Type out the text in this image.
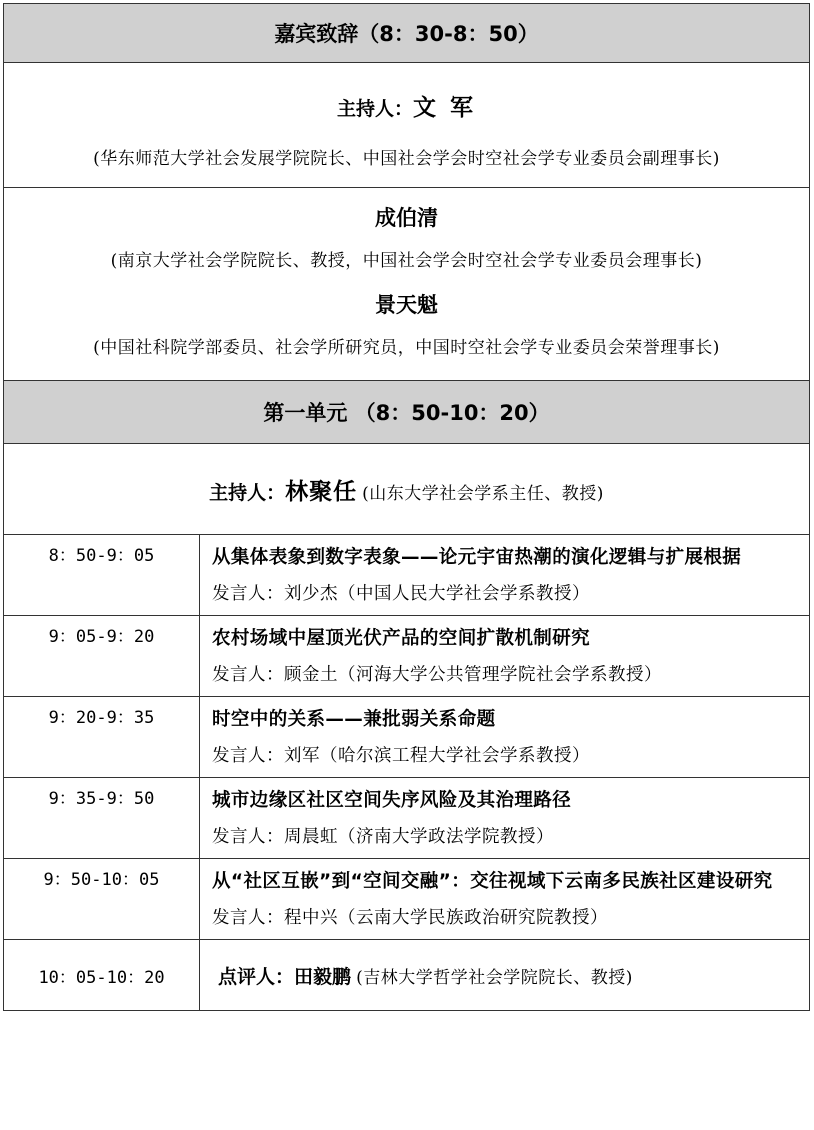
嘉宾致辞（8：30-8：50）	

主持人：文 军
(华东师范大学社会发展学院院长、中国社会学会时空社会学专业委员会副理事长)	

成伯清
(南京大学社会学院院长、教授，中国社会学会时空社会学专业委员会理事长)
景天魁
(中国社科院学部委员、社会学所研究员，中国时空社会学专业委员会荣誉理事长)	

第一单元 （8：50-10：20）	
主持人：林聚任 (山东大学社会学系主任、教授)	
8：50-9：05	从集体表象到数字表象——论元宇宙热潮的演化逻辑与扩展根据
发言人：刘少杰（中国人民大学社会学系教授）

9：05-9：20	农村场域中屋顶光伏产品的空间扩散机制研究
发言人：顾金土（河海大学公共管理学院社会学系教授）

9：20-9：35	时空中的关系——兼批弱关系命题
发言人：刘军（哈尔滨工程大学社会学系教授）

9：35-9：50	城市边缘区社区空间失序风险及其治理路径
发言人：周晨虹（济南大学政法学院教授）

9：50-10：05	从“社区互嵌”到“空间交融”：交往视域下云南多民族社区建设研究
发言人：程中兴（云南大学民族政治研究院教授）

10：05-10：20	点评人：田毅鹏 (吉林大学哲学社会学院院长、教授)
